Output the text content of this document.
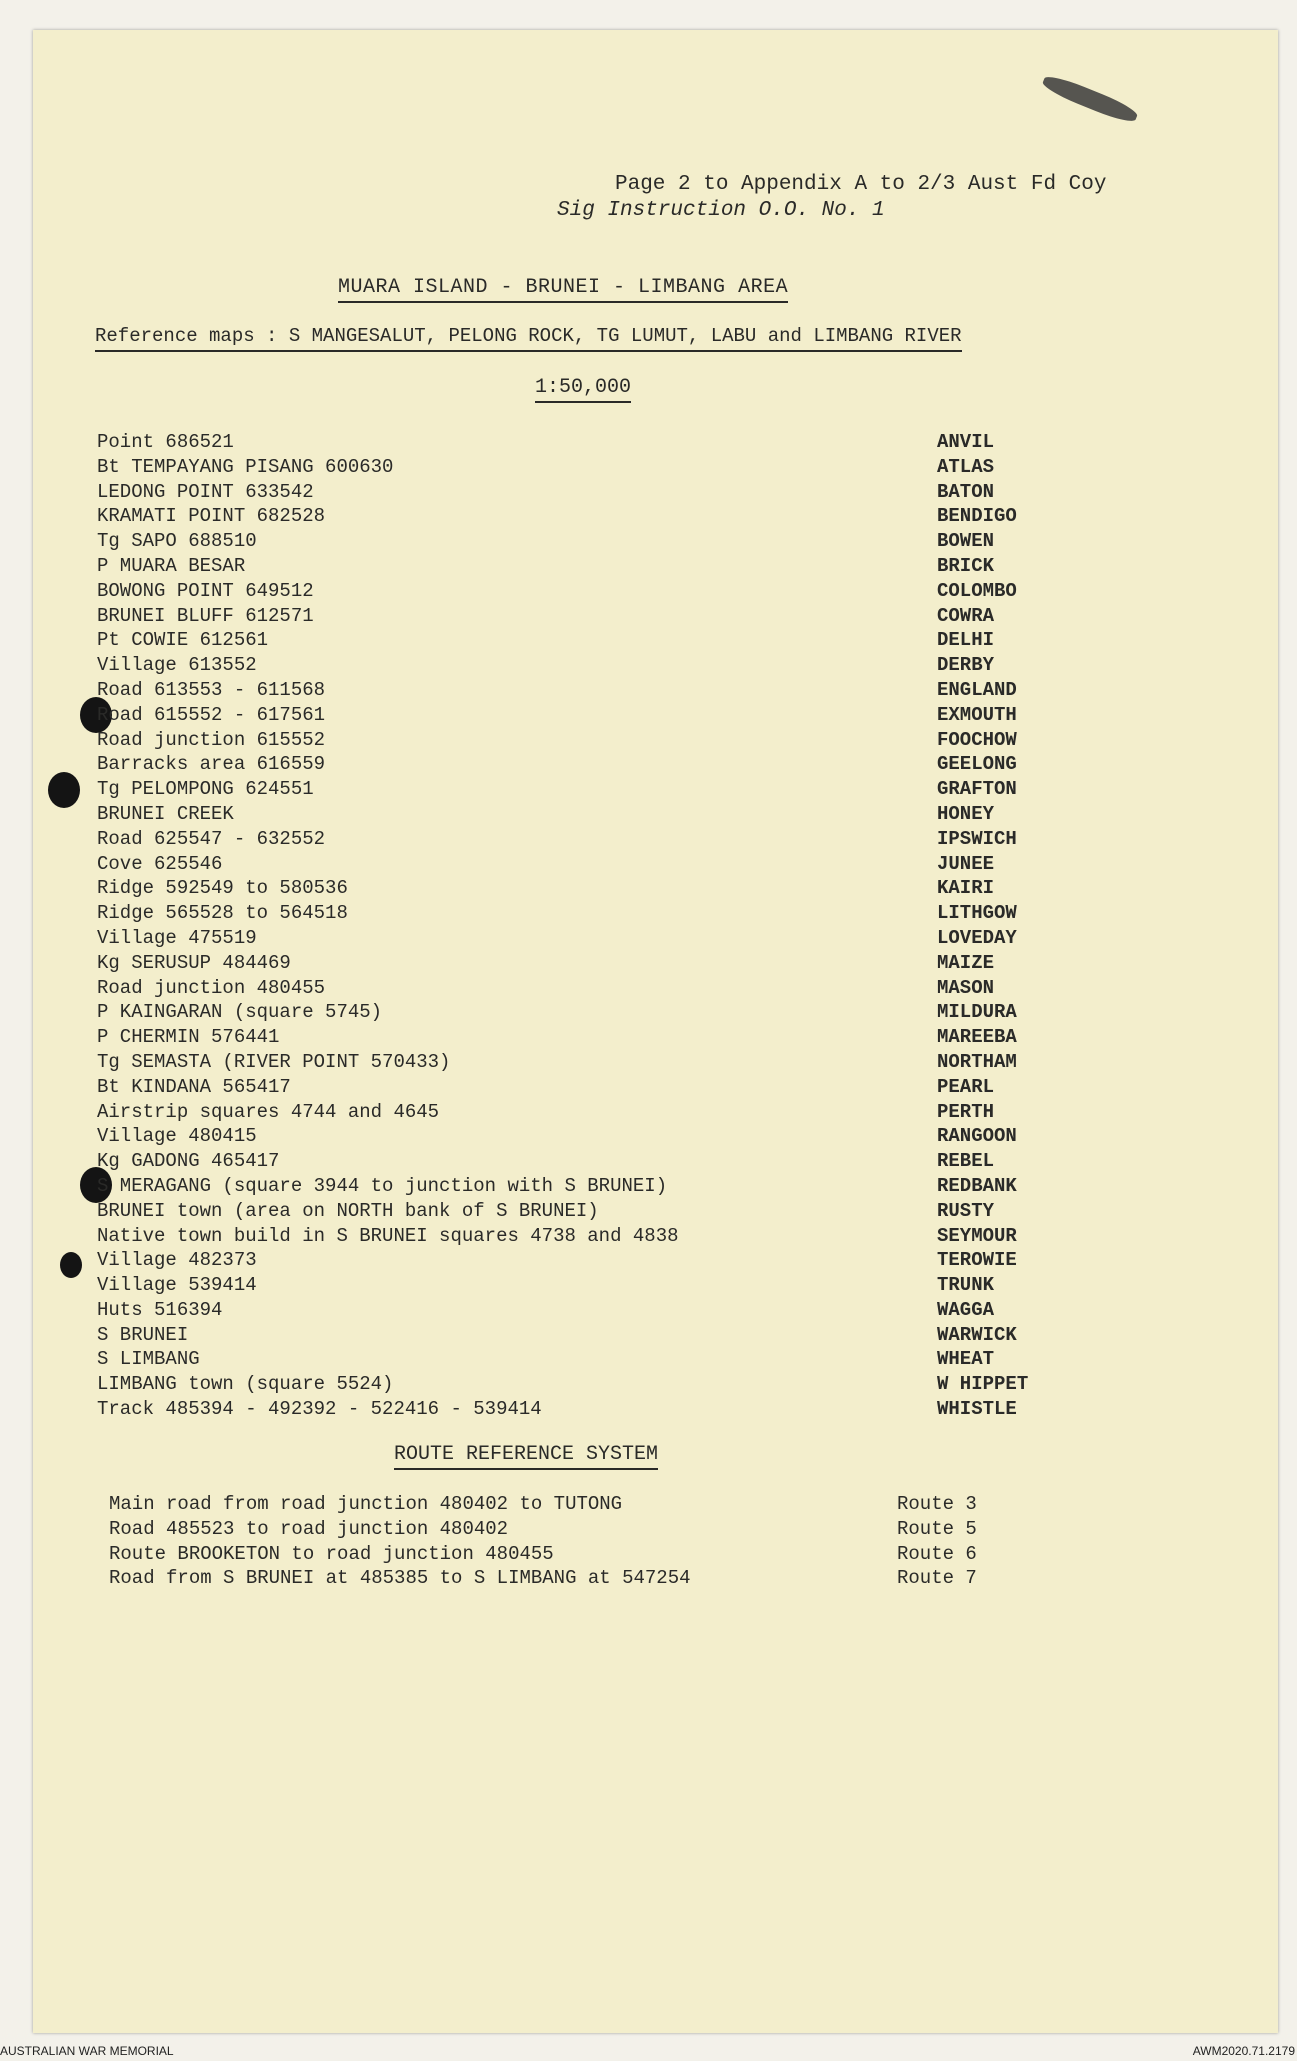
Page 2 to Appendix A to 2/3 Aust Fd Coy
Sig Instruction O.O. No. 1
MUARA ISLAND - BRUNEI - LIMBANG AREA
Reference maps : S MANGESALUT, PELONG ROCK, TG LUMUT, LABU and LIMBANG RIVER
1:50,000
Point 686521	ANVIL
Bt TEMPAYANG PISANG 600630	ATLAS
LEDONG POINT 633542	BATON
KRAMATI POINT 682528	BENDIGO
Tg SAPO 688510	BOWEN
P MUARA BESAR	BRICK
BOWONG POINT 649512	COLOMBO
BRUNEI BLUFF 612571	COWRA
Pt COWIE 612561	DELHI
Village 613552	DERBY
Road 613553 - 611568	ENGLAND
Road 615552 - 617561	EXMOUTH
Road junction 615552	FOOCHOW
Barracks area 616559	GEELONG
Tg PELOMPONG 624551	GRAFTON
BRUNEI CREEK	HONEY
Road 625547 - 632552	IPSWICH
Cove 625546	JUNEE
Ridge 592549 to 580536	KAIRI
Ridge 565528 to 564518	LITHGOW
Village 475519	LOVEDAY
Kg SERUSUP 484469	MAIZE
Road junction 480455	MASON
P KAINGARAN (square 5745)	MILDURA
P CHERMIN 576441	MAREEBA
Tg SEMASTA (RIVER POINT 570433)	NORTHAM
Bt KINDANA 565417	PEARL
Airstrip squares 4744 and 4645	PERTH
Village 480415	RANGOON
Kg GADONG 465417	REBEL
S MERAGANG (square 3944 to junction with S BRUNEI)	REDBANK
BRUNEI town (area on NORTH bank of S BRUNEI)	RUSTY
Native town build in S BRUNEI squares 4738 and 4838	SEYMOUR
Village 482373	TEROWIE
Village 539414	TRUNK
Huts 516394	WAGGA
S BRUNEI	WARWICK
S LIMBANG	WHEAT
LIMBANG town (square 5524)	W HIPPET
Track 485394 - 492392 - 522416 - 539414	WHISTLE
ROUTE REFERENCE SYSTEM
Main road from road junction 480402 to TUTONG	Route 3
Road 485523 to road junction 480402	Route 5
Route BROOKETON to road junction 480455	Route 6
Road from S BRUNEI at 485385 to S LIMBANG at 547254	Route 7
AUSTRALIAN WAR MEMORIAL	AWM2020.71.2179
